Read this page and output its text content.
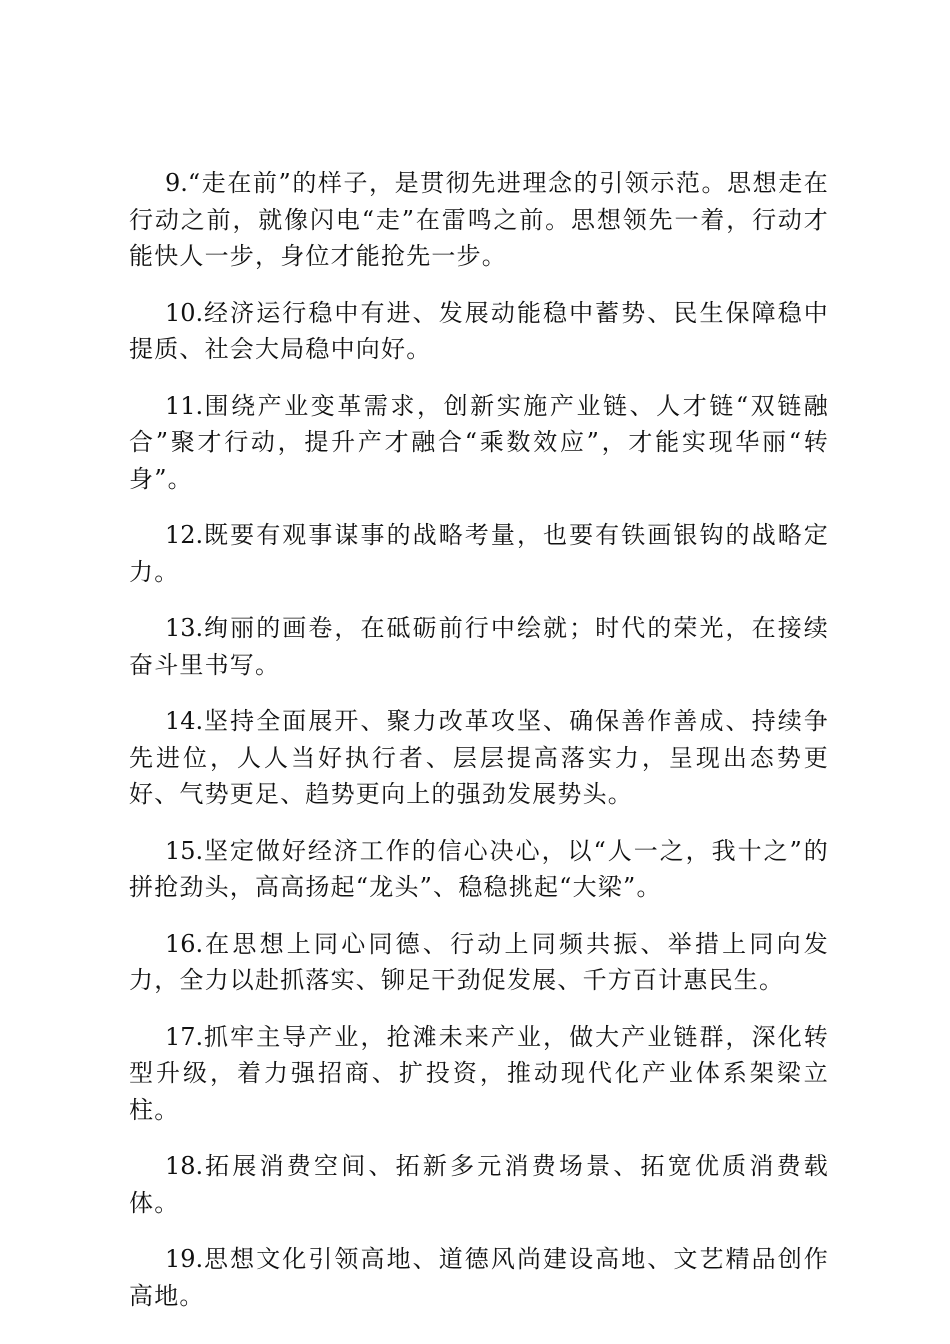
9.“走在前”的样子，是贯彻先进理念的引领示范。思想走在行动之前，就像闪电“走”在雷鸣之前。思想领先一着，行动才能快人一步，身位才能抢先一步。

10.经济运行稳中有进、发展动能稳中蓄势、民生保障稳中提质、社会大局稳中向好。

11.围绕产业变革需求，创新实施产业链、人才链“双链融合”聚才行动，提升产才融合“乘数效应”，才能实现华丽“转身”。

12.既要有观事谋事的战略考量，也要有铁画银钩的战略定力。

13.绚丽的画卷，在砥砺前行中绘就；时代的荣光，在接续奋斗里书写。

14.坚持全面展开、聚力改革攻坚、确保善作善成、持续争先进位，人人当好执行者、层层提高落实力，呈现出态势更好、气势更足、趋势更向上的强劲发展势头。

15.坚定做好经济工作的信心决心，以“人一之，我十之”的拼抢劲头，高高扬起“龙头”、稳稳挑起“大梁”。

16.在思想上同心同德、行动上同频共振、举措上同向发力，全力以赴抓落实、铆足干劲促发展、千方百计惠民生。

17.抓牢主导产业，抢滩未来产业，做大产业链群，深化转型升级，着力强招商、扩投资，推动现代化产业体系架梁立柱。

18.拓展消费空间、拓新多元消费场景、拓宽优质消费载体。

19.思想文化引领高地、道德风尚建设高地、文艺精品创作高地。
